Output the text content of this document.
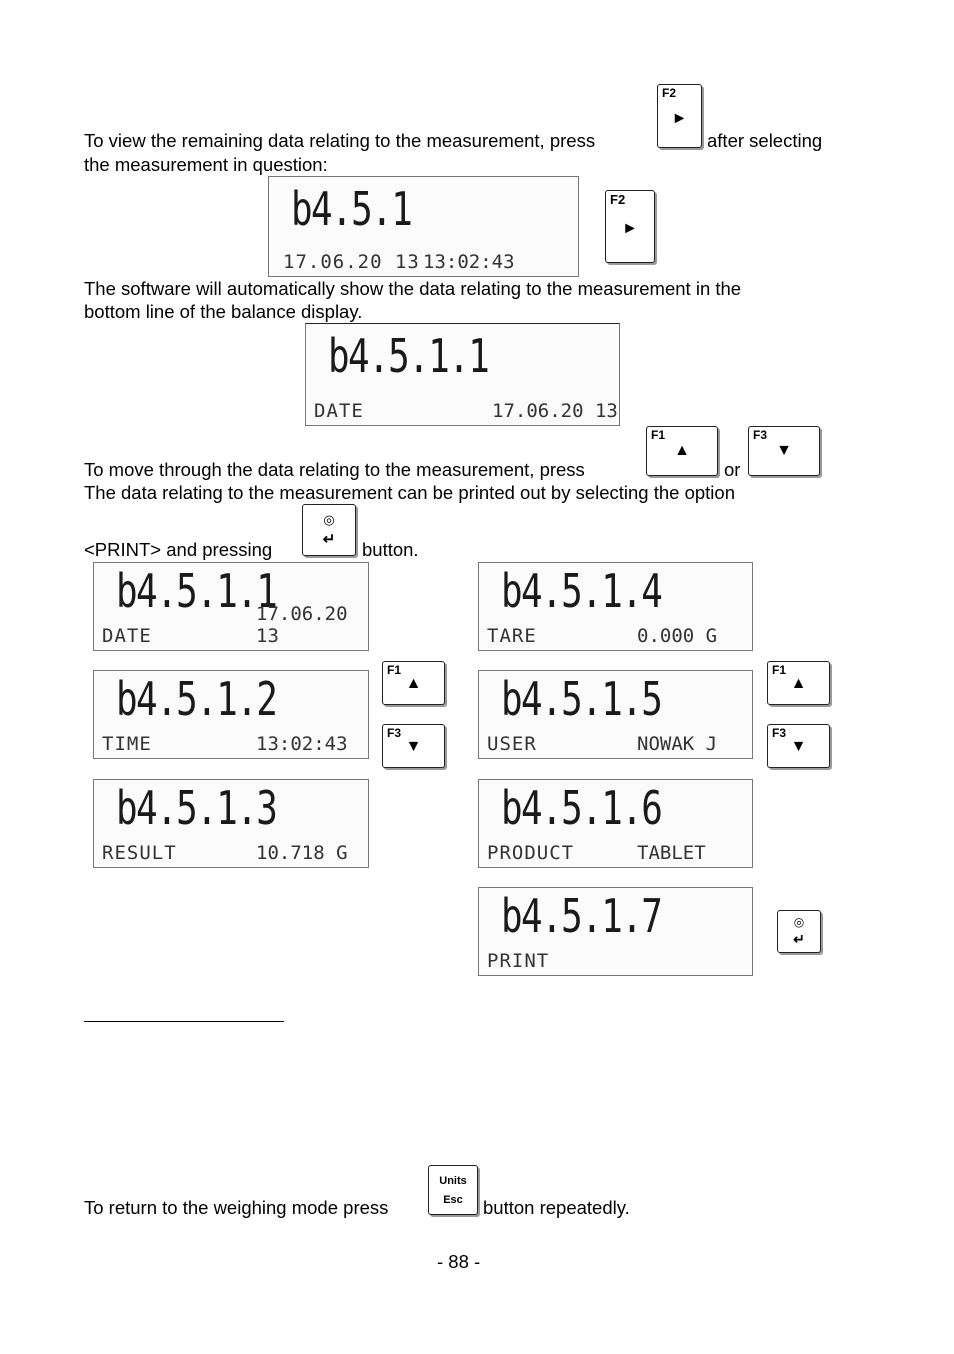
To view the remaining data relating to the measurement, press
F2
►
after selecting
the measurement in question:
b4.5.1
17.06.20 13 13:02:43
F2
►
The software will automatically show the data relating to the measurement in the
bottom line of the balance display.
b4.5.1.1
DATE	17.06.20 13
To move through the data relating to the measurement, press
F1
▲
or
F3
▼
The data relating to the measurement can be printed out by selecting the option
<PRINT> and pressing
◎
↵	button.
b4.5.1.1
DATE
17.06.20 13
b4.5.1.2
TIME	13:02:43
b4.5.1.3
RESULT	10.718 G
F1
▲
F3
▼
b4.5.1.4
TARE	0.000 G
b4.5.1.5
USER	NOWAK J
b4.5.1.6
PRODUCT	TABLET
b4.5.1.7
PRINT
F1
▲
F3
▼
◎
↵
To return to the weighing mode press
Units
Esc	button repeatedly.
- 88 -
